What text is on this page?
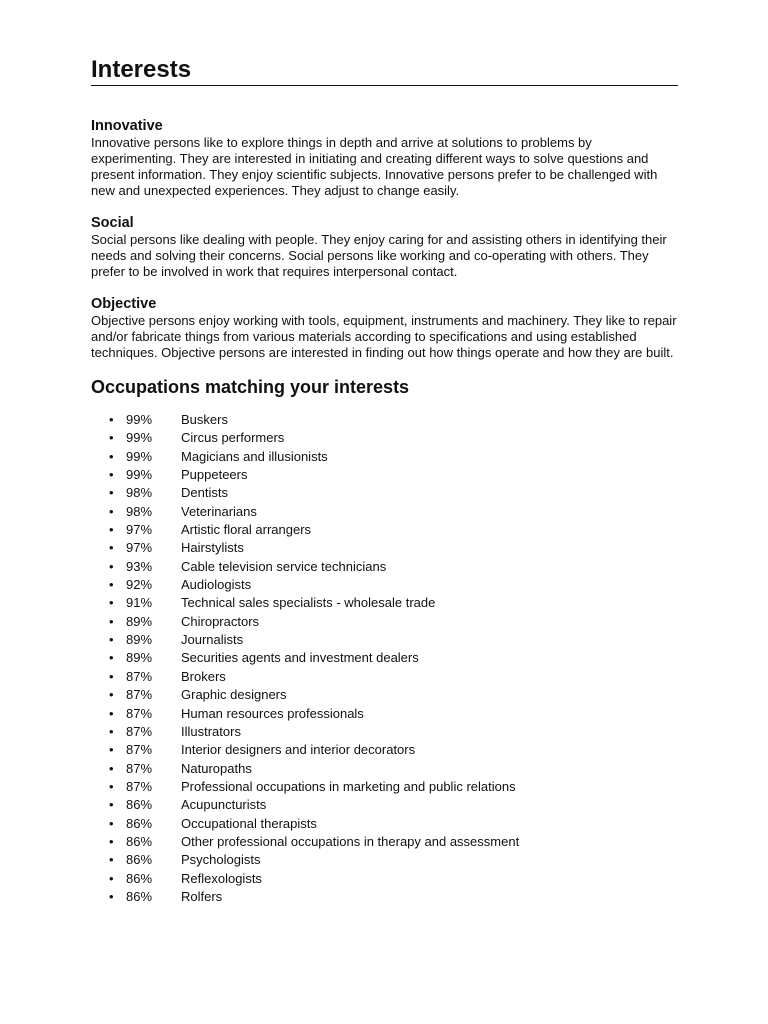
Interests
Innovative

Innovative persons like to explore things in depth and arrive at solutions to problems by experimenting. They are interested in initiating and creating different ways to solve questions and present information. They enjoy scientific subjects. Innovative persons prefer to be challenged with new and unexpected experiences. They adjust to change easily.

Social

Social persons like dealing with people. They enjoy caring for and assisting others in identifying their needs and solving their concerns. Social persons like working and co-operating with others. They prefer to be involved in work that requires interpersonal contact.

Objective

Objective persons enjoy working with tools, equipment, instruments and machinery. They like to repair and/or fabricate things from various materials according to specifications and using established techniques. Objective persons are interested in finding out how things operate and how they are built.

Occupations matching your interests
• 99% Buskers
• 99% Circus performers
• 99% Magicians and illusionists
• 99% Puppeteers
• 98% Dentists
• 98% Veterinarians
• 97% Artistic floral arrangers
• 97% Hairstylists
• 93% Cable television service technicians
• 92% Audiologists
• 91% Technical sales specialists - wholesale trade
• 89% Chiropractors
• 89% Journalists
• 89% Securities agents and investment dealers
• 87% Brokers
• 87% Graphic designers
• 87% Human resources professionals
• 87% Illustrators
• 87% Interior designers and interior decorators
• 87% Naturopaths
• 87% Professional occupations in marketing and public relations
• 86% Acupuncturists
• 86% Occupational therapists
• 86% Other professional occupations in therapy and assessment
• 86% Psychologists
• 86% Reflexologists
• 86% Rolfers
